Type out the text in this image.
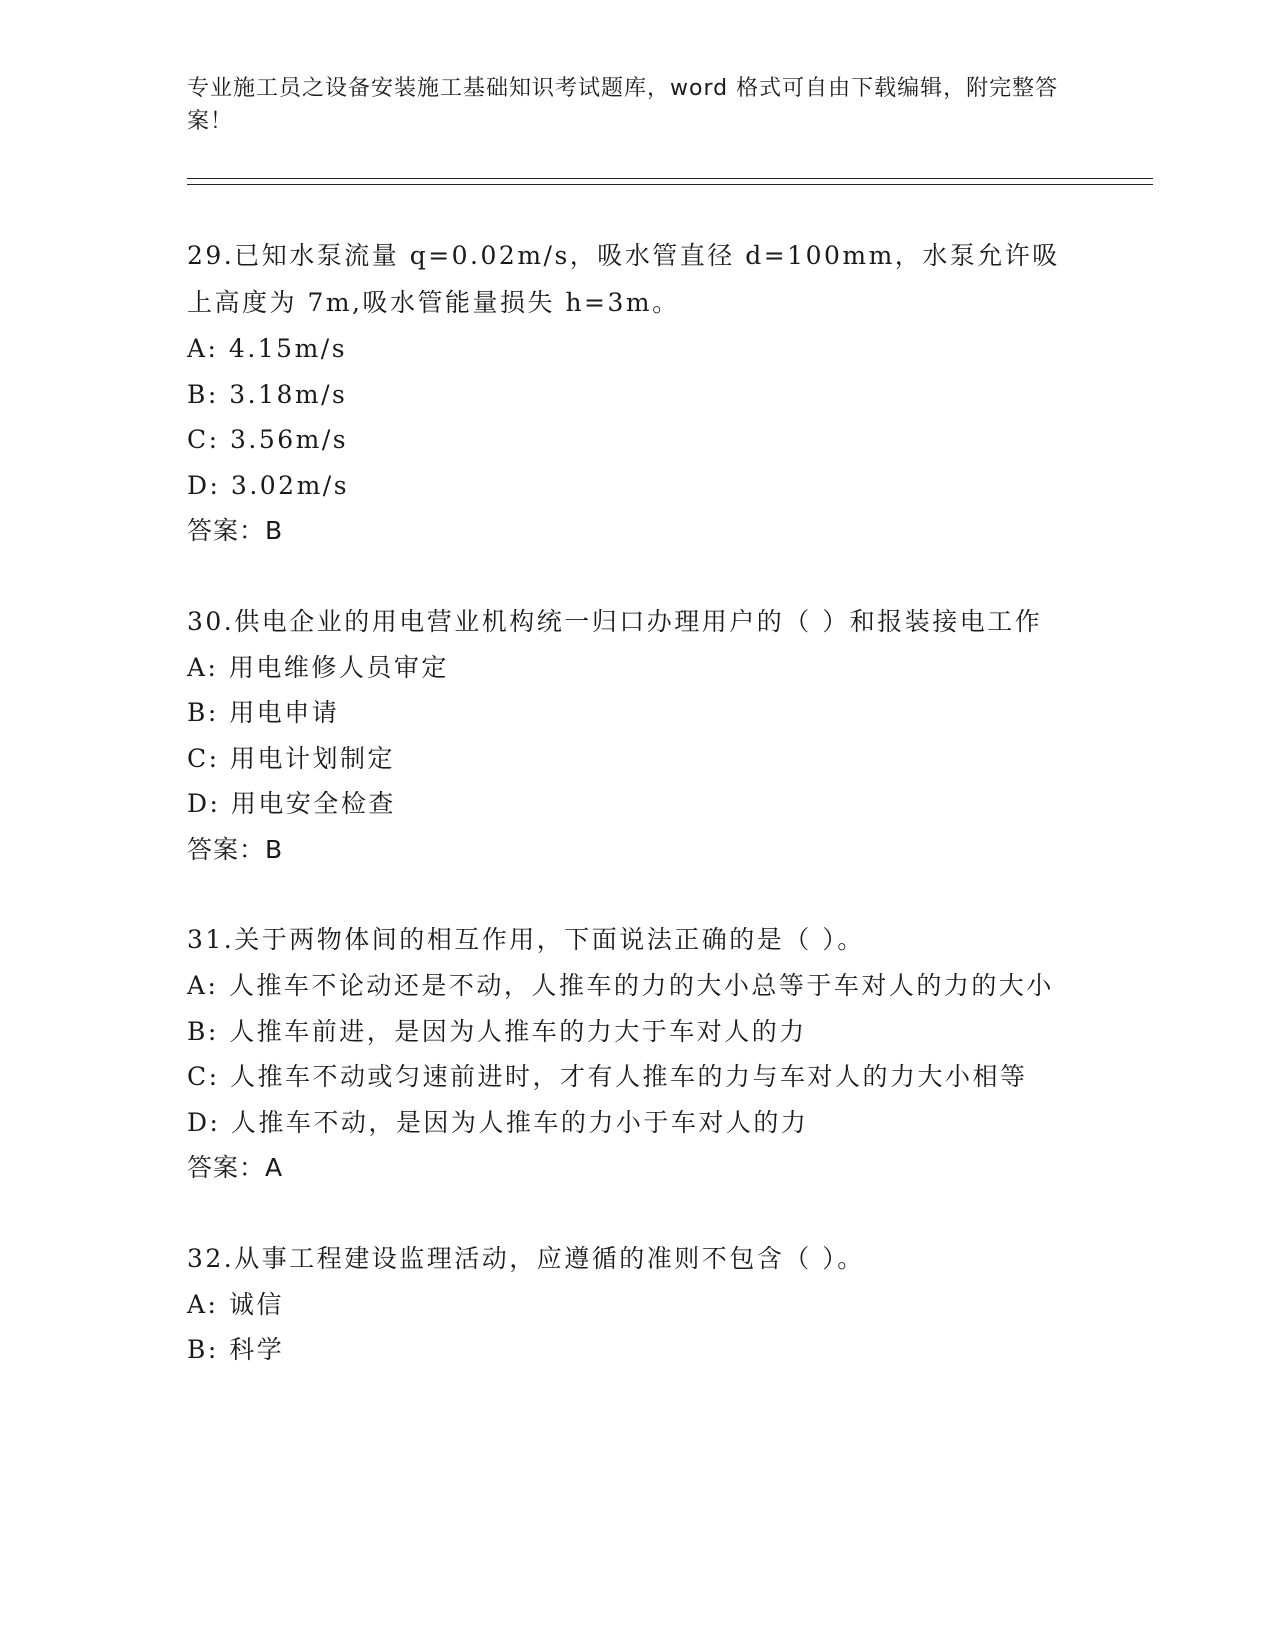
专业施工员之设备安装施工基础知识考试题库，word 格式可自由下载编辑，附完整答案！
29.已知水泵流量 q=0.02m/s，吸水管直径 d=100mm，水泵允许吸上高度为 7m,吸水管能量损失 h=3m。
A: 4.15m/s
B: 3.18m/s
C: 3.56m/s
D: 3.02m/s
答案：B
30.供电企业的用电营业机构统一归口办理用户的（ ）和报装接电工作
A: 用电维修人员审定
B: 用电申请
C: 用电计划制定
D: 用电安全检查
答案：B
31.关于两物体间的相互作用，下面说法正确的是（ ）。
A: 人推车不论动还是不动，人推车的力的大小总等于车对人的力的大小
B: 人推车前进，是因为人推车的力大于车对人的力
C: 人推车不动或匀速前进时，才有人推车的力与车对人的力大小相等
D: 人推车不动，是因为人推车的力小于车对人的力
答案：A
32.从事工程建设监理活动，应遵循的准则不包含（ ）。
A: 诚信
B: 科学
